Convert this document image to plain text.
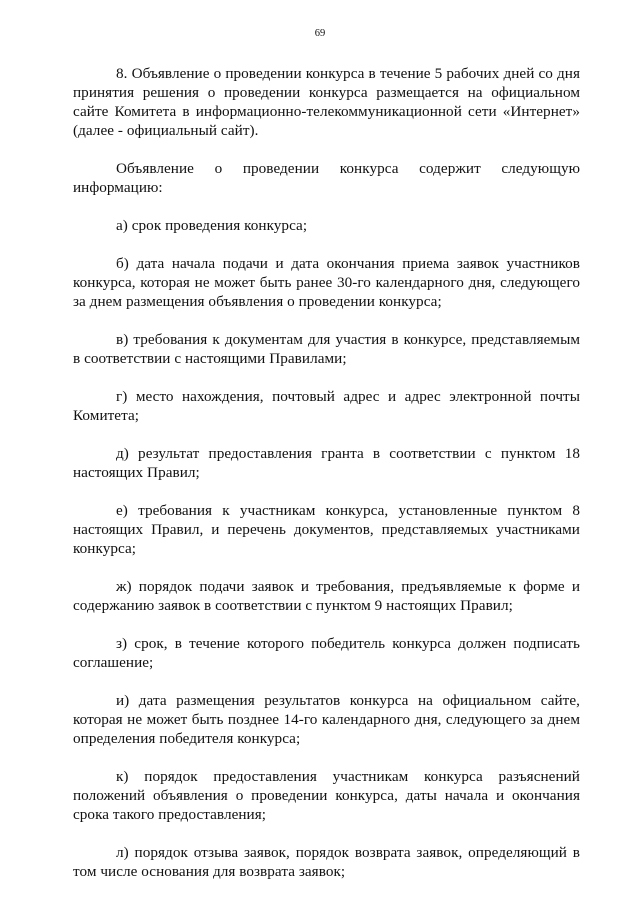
69

8. Объявление о проведении конкурса в течение 5 рабочих дней со дня принятия решения о проведении конкурса размещается на официальном сайте Комитета в информационно-телекоммуникационной сети «Интернет» (далее - официальный сайт).

Объявление о проведении конкурса содержит следующую информацию:

а) срок проведения конкурса;

б) дата начала подачи и дата окончания приема заявок участников конкурса, которая не может быть ранее 30-го календарного дня, следующего за днем размещения объявления о проведении конкурса;

в) требования к документам для участия в конкурсе, представляемым в соответствии с настоящими Правилами;

г) место нахождения, почтовый адрес и адрес электронной почты Комитета;

д) результат предоставления гранта в соответствии с пунктом 18 настоящих Правил;

е) требования к участникам конкурса, установленные пунктом 8 настоящих Правил, и перечень документов, представляемых участниками конкурса;

ж) порядок подачи заявок и требования, предъявляемые к форме и содержанию заявок в соответствии с пунктом 9 настоящих Правил;

з) срок, в течение которого победитель конкурса должен подписать соглашение;

и) дата размещения результатов конкурса на официальном сайте, которая не может быть позднее 14-го календарного дня, следующего за днем определения победителя конкурса;

к) порядок предоставления участникам конкурса разъяснений положений объявления о проведении конкурса, даты начала и окончания срока такого предоставления;

л) порядок отзыва заявок, порядок возврата заявок, определяющий в том числе основания для возврата заявок;
